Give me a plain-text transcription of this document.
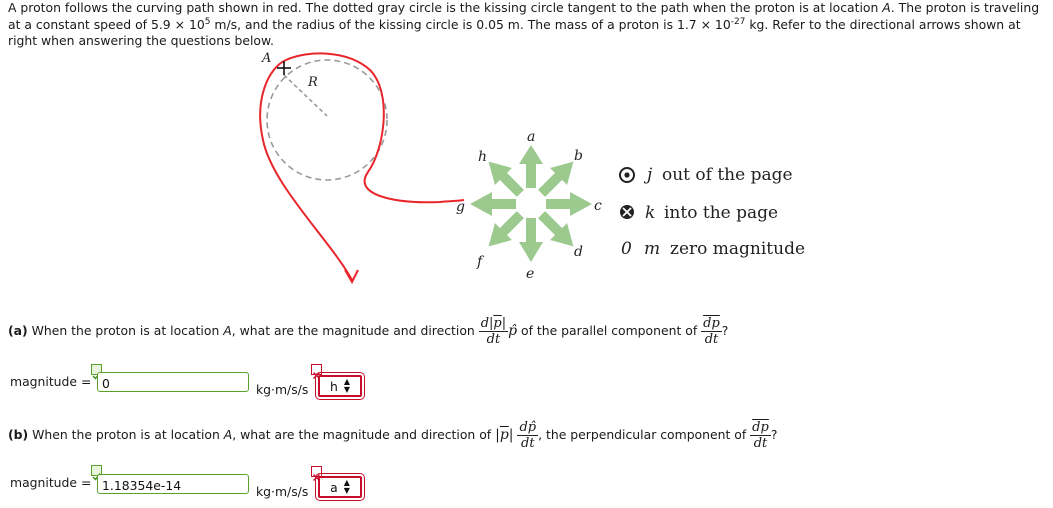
A proton follows the curving path shown in red. The dotted gray circle is the kissing circle tangent to the path when the proton is at location A. The proton is traveling at a constant speed of $5.9 \times 10^5$ m/s, and the radius of the kissing circle is 0.05 m. The mass of a proton is $1.7 \times 10^{-27}$ kg. Refer to the directional arrows shown at right when answering the questions below.
A
R
a
b
c
d
e
f
g
h
j out of the page
k into the page
0 m zero magnitude
(a) When the proton is at location A, what are the magnitude and direction $\frac{d|\overline{p}|}{dt}$ p̂ of the parallel component of $\frac{\overline{dp}}{dt}$ ?
magnitude =
0
kg·m/s/s h ▲
▼
(b) When the proton is at location A, what are the magnitude and direction of $|\overline{p}| \frac{dp̂}{dt}$ , the perpendicular component of $\frac{\overline{dp}}{dt}$ ?
magnitude =
1.18354e-14
kg·m/s/s a ▲
▼
